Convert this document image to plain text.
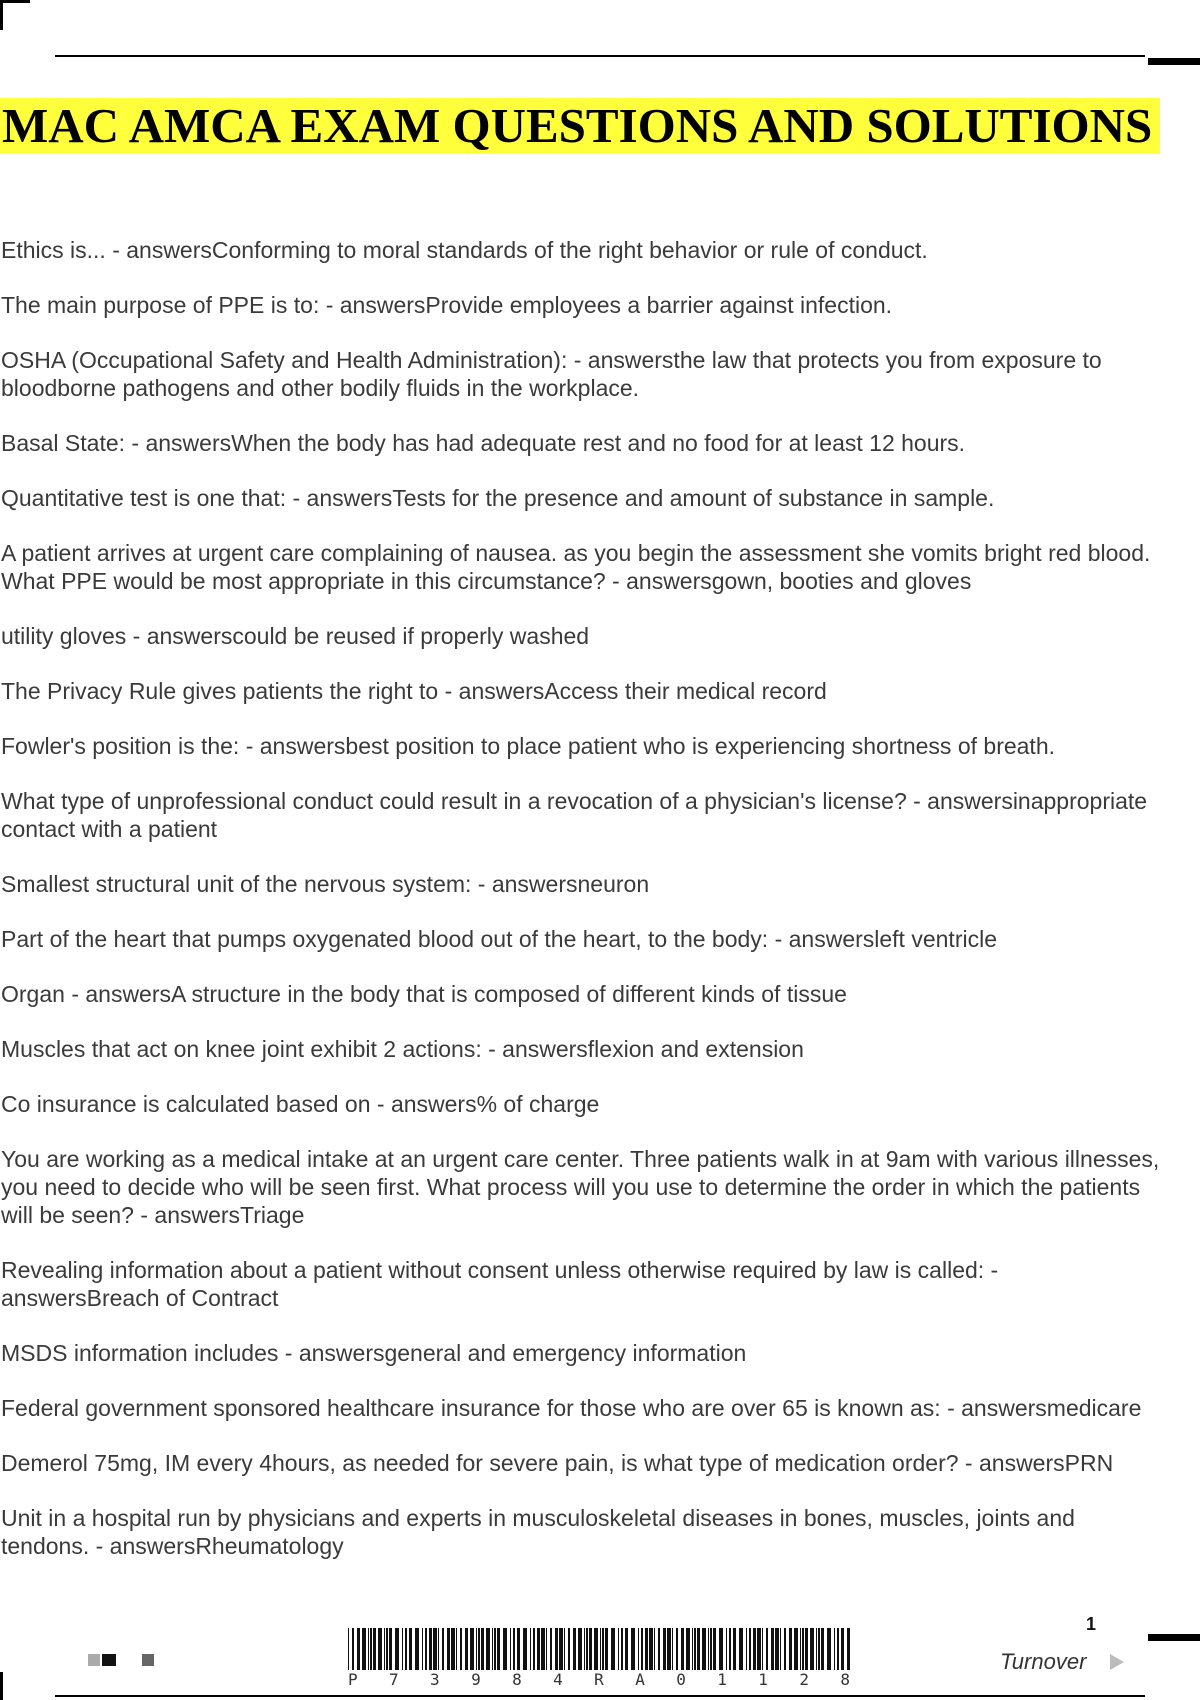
MAC AMCA EXAM QUESTIONS AND SOLUTIONS
Ethics is... - answersConforming to moral standards of the right behavior or rule of conduct.
The main purpose of PPE is to: - answersProvide employees a barrier against infection.
OSHA (Occupational Safety and Health Administration): - answersthe law that protects you from exposure to
bloodborne pathogens and other bodily fluids in the workplace.
Basal State: - answersWhen the body has had adequate rest and no food for at least 12 hours.
Quantitative test is one that: - answersTests for the presence and amount of substance in sample.
A patient arrives at urgent care complaining of nausea. as you begin the assessment she vomits bright red blood.
What PPE would be most appropriate in this circumstance? - answersgown, booties and gloves
utility gloves - answerscould be reused if properly washed
The Privacy Rule gives patients the right to - answersAccess their medical record
Fowler's position is the: - answersbest position to place patient who is experiencing shortness of breath.
What type of unprofessional conduct could result in a revocation of a physician's license? - answersinappropriate
contact with a patient
Smallest structural unit of the nervous system: - answersneuron
Part of the heart that pumps oxygenated blood out of the heart, to the body: - answersleft ventricle
Organ - answersA structure in the body that is composed of different kinds of tissue
Muscles that act on knee joint exhibit 2 actions: - answersflexion and extension
Co insurance is calculated based on - answers% of charge
You are working as a medical intake at an urgent care center. Three patients walk in at 9am with various illnesses,
you need to decide who will be seen first. What process will you use to determine the order in which the patients
will be seen? - answersTriage
Revealing information about a patient without consent unless otherwise required by law is called: -
answersBreach of Contract
MSDS information includes - answersgeneral and emergency information
Federal government sponsored healthcare insurance for those who are over 65 is known as: - answersmedicare
Demerol 75mg, IM every 4hours, as needed for severe pain, is what type of medication order? - answersPRN
Unit in a hospital run by physicians and experts in musculoskeletal diseases in bones, muscles, joints and
tendons. - answersRheumatology
P 7 3 9 8 4 R A 0 1 1 2 8
1
Turnover
